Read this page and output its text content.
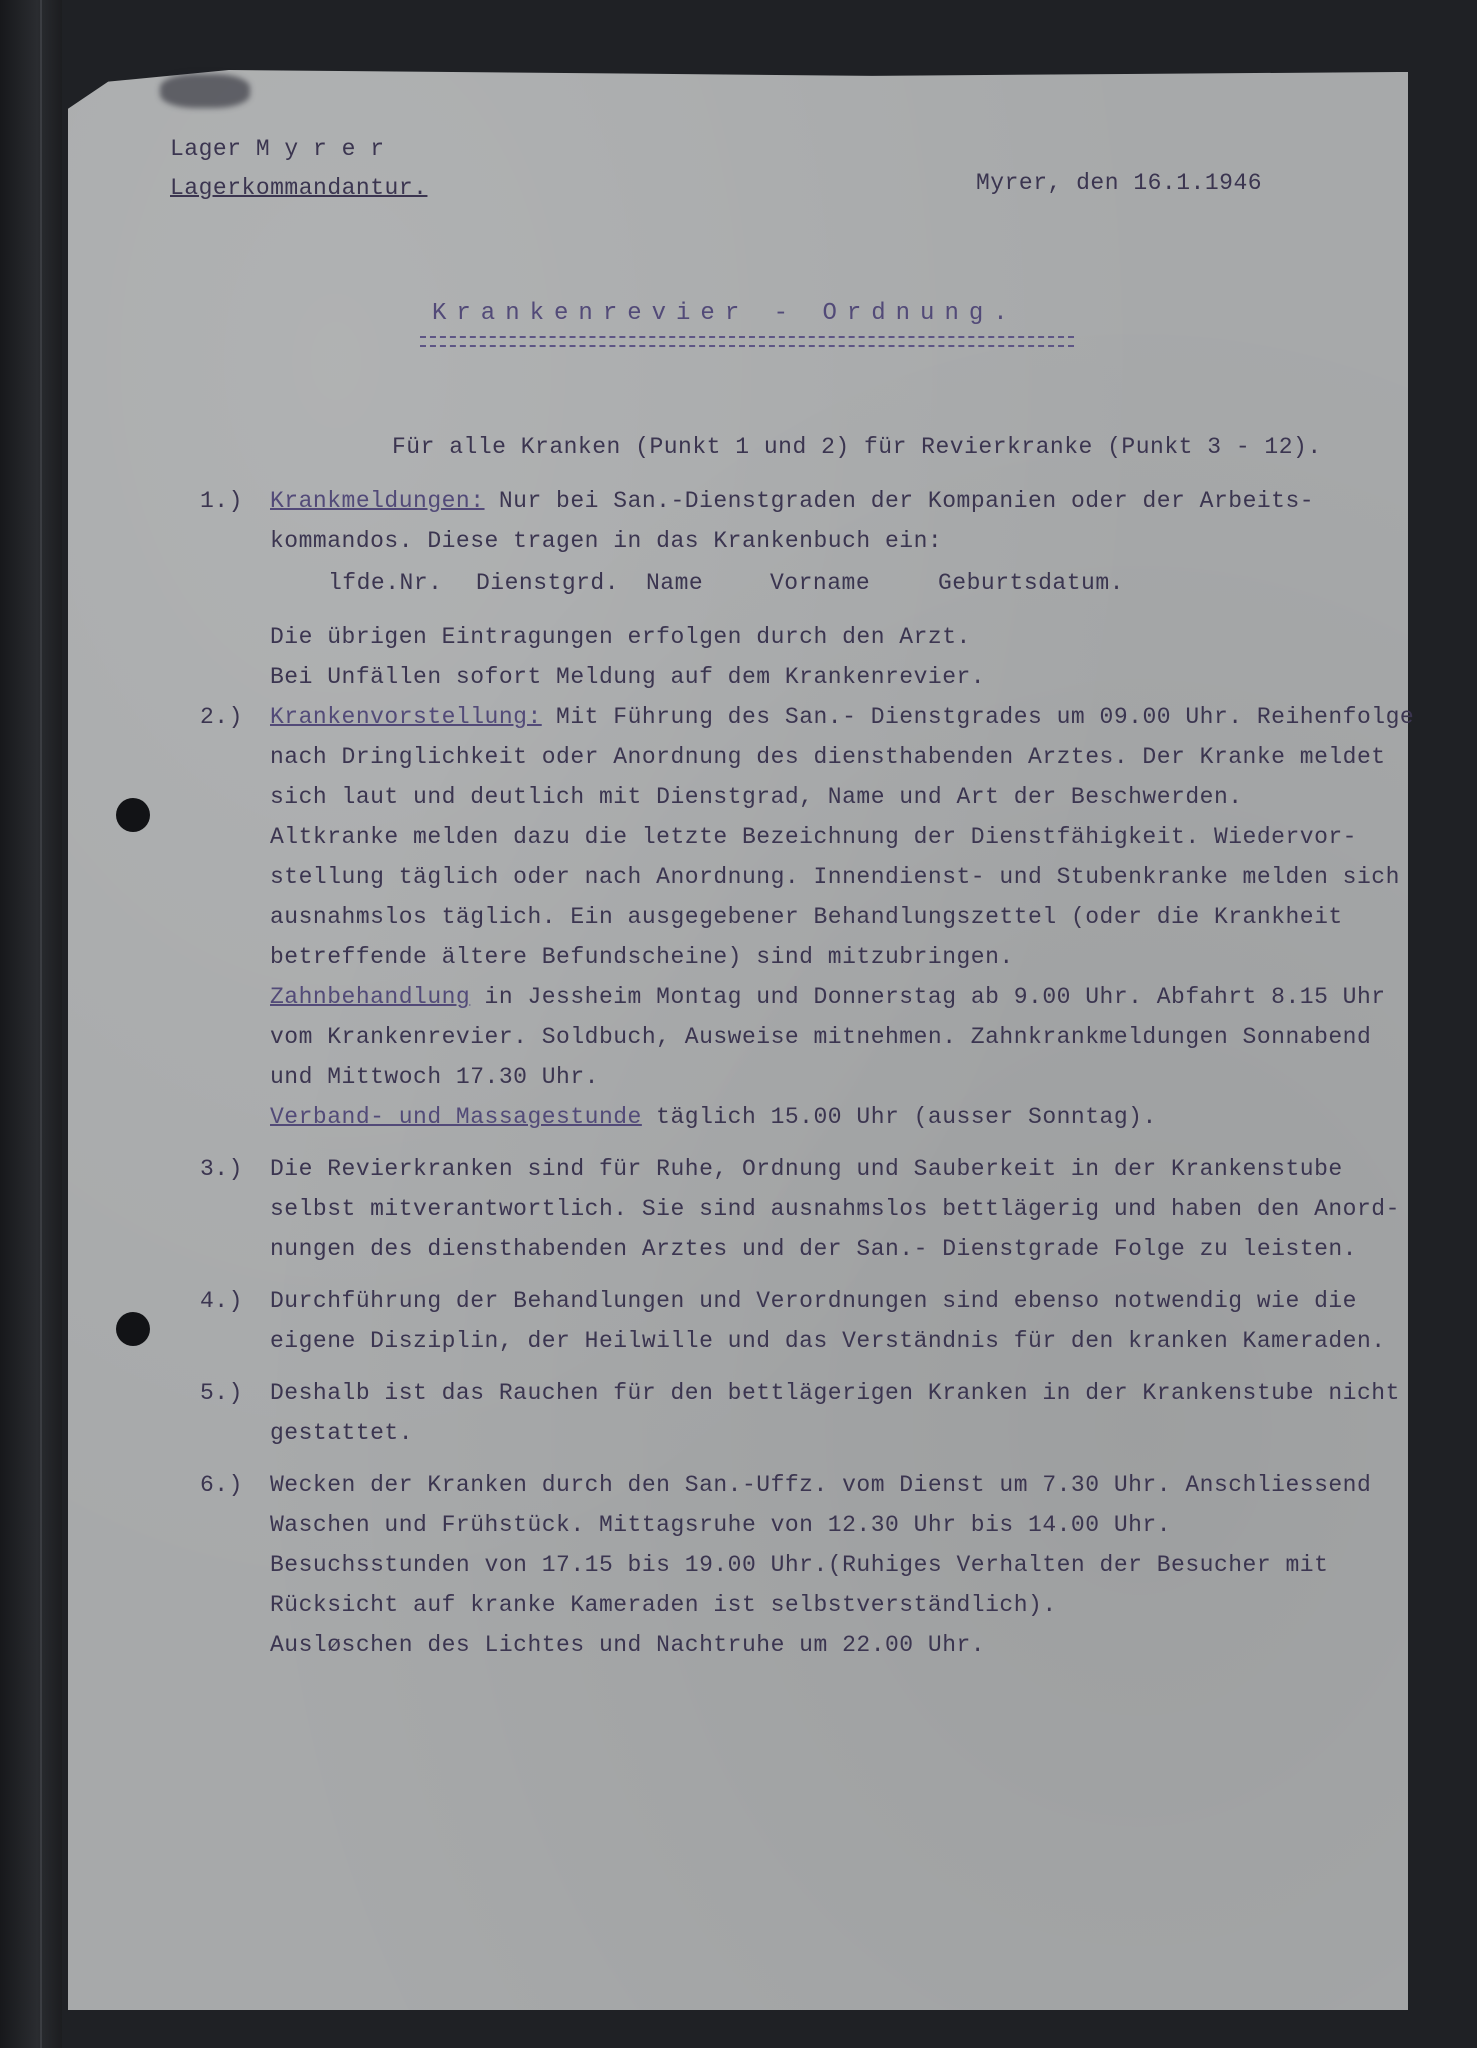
Lager M y r e r
Lagerkommandantur.	Myrer, den 16.1.1946
Krankenrevier - Ordnung.
Für alle Kranken (Punkt 1 und 2) für Revierkranke (Punkt 3 - 12).
1.) Krankmeldungen: Nur bei San.-Dienstgraden der Kompanien oder der Arbeits-
kommandos. Diese tragen in das Krankenbuch ein:
lfde.Nr. Dienstgrd. Name	Vorname	Geburtsdatum.
Die übrigen Eintragungen erfolgen durch den Arzt.
Bei Unfällen sofort Meldung auf dem Krankenrevier.
2.) Krankenvorstellung: Mit Führung des San.- Dienstgrades um 09.00 Uhr. Reihenfolge
nach Dringlichkeit oder Anordnung des diensthabenden Arztes. Der Kranke meldet
sich laut und deutlich mit Dienstgrad, Name und Art der Beschwerden.
Altkranke melden dazu die letzte Bezeichnung der Dienstfähigkeit. Wiedervor-
stellung täglich oder nach Anordnung. Innendienst- und Stubenkranke melden sich
ausnahmslos täglich. Ein ausgegebener Behandlungszettel (oder die Krankheit
betreffende ältere Befundscheine) sind mitzubringen.
Zahnbehandlung in Jessheim Montag und Donnerstag ab 9.00 Uhr. Abfahrt 8.15 Uhr
vom Krankenrevier. Soldbuch, Ausweise mitnehmen. Zahnkrankmeldungen Sonnabend
und Mittwoch 17.30 Uhr.
Verband- und Massagestunde täglich 15.00 Uhr (ausser Sonntag).
3.) Die Revierkranken sind für Ruhe, Ordnung und Sauberkeit in der Krankenstube
selbst mitverantwortlich. Sie sind ausnahmslos bettlägerig und haben den Anord-
nungen des diensthabenden Arztes und der San.- Dienstgrade Folge zu leisten.
4.) Durchführung der Behandlungen und Verordnungen sind ebenso notwendig wie die
eigene Disziplin, der Heilwille und das Verständnis für den kranken Kameraden.
5.) Deshalb ist das Rauchen für den bettlägerigen Kranken in der Krankenstube nicht
gestattet.
6.) Wecken der Kranken durch den San.-Uffz. vom Dienst um 7.30 Uhr. Anschliessend
Waschen und Frühstück. Mittagsruhe von 12.30 Uhr bis 14.00 Uhr.
Besuchsstunden von 17.15 bis 19.00 Uhr.(Ruhiges Verhalten der Besucher mit
Rücksicht auf kranke Kameraden ist selbstverständlich).
Ausløschen des Lichtes und Nachtruhe um 22.00 Uhr.
